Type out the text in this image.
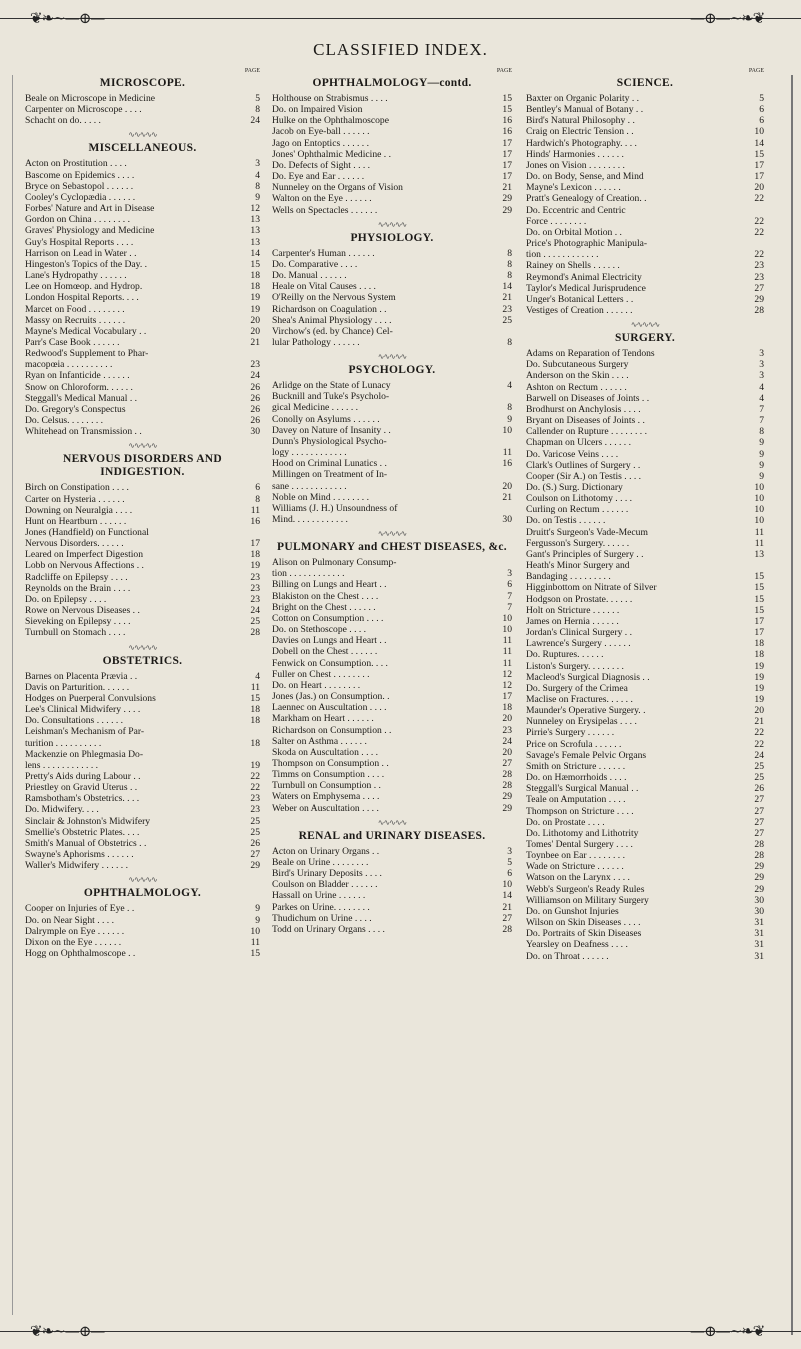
❦❧∼—⊕—	—⊕—∼❧❦
CLASSIFIED INDEX.
PAGE
MICROSCOPE.
Beale on Microscope in Medicine	5
Carpenter on Microscope . . . .	8
Schacht on do. . . . .	24
∿∿∿∿∿
MISCELLANEOUS.
Acton on Prostitution . . . .	3
Bascome on Epidemics . . . .	4
Bryce on Sebastopol . . . . . .	8
Cooley's Cyclopædia . . . . . .	9
Forbes' Nature and Art in Disease	12
Gordon on China . . . . . . . .	13
Graves' Physiology and Medicine	13
Guy's Hospital Reports . . . .	13
Harrison on Lead in Water . .	14
Hingeston's Topics of the Day. .	15
Lane's Hydropathy . . . . . .	18
Lee on Homœop. and Hydrop.	18
London Hospital Reports. . . .	19
Marcet on Food . . . . . . . .	19
Massy on Recruits . . . . . .	20
Mayne's Medical Vocabulary . .	20
Parr's Case Book . . . . . .	21
Redwood's Supplement to Phar-
macopœia . . . . . . . . . .	23
Ryan on Infanticide . . . . . .	24
Snow on Chloroform. . . . . .	26
Steggall's Medical Manual . .	26
Do. Gregory's Conspectus	26
Do. Celsus. . . . . . . .	26
Whitehead on Transmission . .	30
∿∿∿∿∿
NERVOUS DISORDERS AND INDIGESTION.
Birch on Constipation . . . .	6
Carter on Hysteria . . . . . .	8
Downing on Neuralgia . . . .	11
Hunt on Heartburn . . . . . .	16
Jones (Handfield) on Functional
Nervous Disorders. . . . . .	17
Leared on Imperfect Digestion	18
Lobb on Nervous Affections . .	19
Radcliffe on Epilepsy . . . .	23
Reynolds on the Brain . . . .	23
Do. on Epilepsy . . . .	23
Rowe on Nervous Diseases . .	24
Sieveking on Epilepsy . . . .	25
Turnbull on Stomach . . . .	28
∿∿∿∿∿
OBSTETRICS.
Barnes on Placenta Prævia . .	4
Davis on Parturition. . . . . .	11
Hodges on Puerperal Convulsions	15
Lee's Clinical Midwifery . . . .	18
Do. Consultations . . . . . .	18
Leishman's Mechanism of Par-
turition . . . . . . . . . .	18
Mackenzie on Phlegmasia Do-
lens . . . . . . . . . . . .	19
Pretty's Aids during Labour . .	22
Priestley on Gravid Uterus . .	22
Ramsbotham's Obstetrics. . . .	23
Do. Midwifery. . . .	23
Sinclair & Johnston's Midwifery	25
Smellie's Obstetric Plates. . . .	25
Smith's Manual of Obstetrics . .	26
Swayne's Aphorisms . . . . . .	27
Waller's Midwifery . . . . . .	29
∿∿∿∿∿
OPHTHALMOLOGY.
Cooper on Injuries of Eye . .	9
Do. on Near Sight . . . .	9
Dalrymple on Eye . . . . . .	10
Dixon on the Eye . . . . . .	11
Hogg on Ophthalmoscope . .	15
PAGE
OPHTHALMOLOGY—contd.
Holthouse on Strabismus . . . .	15
Do. on Impaired Vision	15
Hulke on the Ophthalmoscope	16
Jacob on Eye-ball . . . . . .	16
Jago on Entoptics . . . . . .	17
Jones' Ophthalmic Medicine . .	17
Do. Defects of Sight . . . .	17
Do. Eye and Ear . . . . . .	17
Nunneley on the Organs of Vision	21
Walton on the Eye . . . . . .	29
Wells on Spectacles . . . . . .	29
∿∿∿∿∿
PHYSIOLOGY.
Carpenter's Human . . . . . .	8
Do. Comparative . . . .	8
Do. Manual . . . . . .	8
Heale on Vital Causes . . . .	14
O'Reilly on the Nervous System	21
Richardson on Coagulation . .	23
Shea's Animal Physiology . . . .	25
Virchow's (ed. by Chance) Cel-
lular Pathology . . . . . .	8
∿∿∿∿∿
PSYCHOLOGY.
Arlidge on the State of Lunacy	4
Bucknill and Tuke's Psycholo-
gical Medicine . . . . . .	8
Conolly on Asylums . . . . . .	9
Davey on Nature of Insanity . .	10
Dunn's Physiological Psycho-
logy . . . . . . . . . . . .	11
Hood on Criminal Lunatics . .	16
Millingen on Treatment of In-
sane . . . . . . . . . . . .	20
Noble on Mind . . . . . . . .	21
Williams (J. H.) Unsoundness of
Mind. . . . . . . . . . . .	30
∿∿∿∿∿
PULMONARY and CHEST DISEASES, &c.
Alison on Pulmonary Consump-
tion . . . . . . . . . . . .	3
Billing on Lungs and Heart . .	6
Blakiston on the Chest . . . .	7
Bright on the Chest . . . . . .	7
Cotton on Consumption . . . .	10
Do. on Stethoscope . . . .	10
Davies on Lungs and Heart . .	11
Dobell on the Chest . . . . . .	11
Fenwick on Consumption. . . .	11
Fuller on Chest . . . . . . . .	12
Do. on Heart . . . . . . . .	12
Jones (Jas.) on Consumption. .	17
Laennec on Auscultation . . . .	18
Markham on Heart . . . . . .	20
Richardson on Consumption . .	23
Salter on Asthma . . . . . .	24
Skoda on Auscultation . . . .	20
Thompson on Consumption . .	27
Timms on Consumption . . . .	28
Turnbull on Consumption . .	28
Waters on Emphysema . . . .	29
Weber on Auscultation . . . .	29
∿∿∿∿∿
RENAL and URINARY DISEASES.
Acton on Urinary Organs . .	3
Beale on Urine . . . . . . . .	5
Bird's Urinary Deposits . . . .	6
Coulson on Bladder . . . . . .	10
Hassall on Urine . . . . . .	14
Parkes on Urine. . . . . . . .	21
Thudichum on Urine . . . .	27
Todd on Urinary Organs . . . .	28
PAGE
SCIENCE.
Baxter on Organic Polarity . .	5
Bentley's Manual of Botany . .	6
Bird's Natural Philosophy . .	6
Craig on Electric Tension . .	10
Hardwich's Photography. . . .	14
Hinds' Harmonies . . . . . .	15
Jones on Vision . . . . . . . .	17
Do. on Body, Sense, and Mind	17
Mayne's Lexicon . . . . . .	20
Pratt's Genealogy of Creation. .	22
Do. Eccentric and Centric
Force . . . . . . . .	22
Do. on Orbital Motion . .	22
Price's Photographic Manipula-
tion . . . . . . . . . . . .	22
Rainey on Shells . . . . . .	23
Reymond's Animal Electricity	23
Taylor's Medical Jurisprudence	27
Unger's Botanical Letters . .	29
Vestiges of Creation . . . . . .	28
∿∿∿∿∿
SURGERY.
Adams on Reparation of Tendons	3
Do. Subcutaneous Surgery	3
Anderson on the Skin . . . .	3
Ashton on Rectum . . . . . .	4
Barwell on Diseases of Joints . .	4
Brodhurst on Anchylosis . . . .	7
Bryant on Diseases of Joints . .	7
Callender on Rupture . . . . . . . .	8
Chapman on Ulcers . . . . . .	9
Do. Varicose Veins . . . .	9
Clark's Outlines of Surgery . .	9
Cooper (Sir A.) on Testis . . . .	9
Do. (S.) Surg. Dictionary	10
Coulson on Lithotomy . . . .	10
Curling on Rectum . . . . . .	10
Do. on Testis . . . . . .	10
Druitt's Surgeon's Vade-Mecum	11
Fergusson's Surgery. . . . . .	11
Gant's Principles of Surgery . .	13
Heath's Minor Surgery and
Bandaging . . . . . . . . .	15
Higginbottom on Nitrate of Silver	15
Hodgson on Prostate. . . . . .	15
Holt on Stricture . . . . . .	15
James on Hernia . . . . . .	17
Jordan's Clinical Surgery . .	17
Lawrence's Surgery . . . . . .	18
Do. Ruptures. . . . . .	18
Liston's Surgery. . . . . . . .	19
Macleod's Surgical Diagnosis . .	19
Do. Surgery of the Crimea	19
Maclise on Fractures. . . . . .	19
Maunder's Operative Surgery. .	20
Nunneley on Erysipelas . . . .	21
Pirrie's Surgery . . . . . .	22
Price on Scrofula . . . . . .	22
Savage's Female Pelvic Organs	24
Smith on Stricture . . . . . .	25
Do. on Hæmorrhoids . . . .	25
Steggall's Surgical Manual . .	26
Teale on Amputation . . . .	27
Thompson on Stricture . . . .	27
Do. on Prostate . . . .	27
Do. Lithotomy and Lithotrity	27
Tomes' Dental Surgery . . . .	28
Toynbee on Ear . . . . . . . .	28
Wade on Stricture . . . . . .	29
Watson on the Larynx . . . .	29
Webb's Surgeon's Ready Rules	29
Williamson on Military Surgery	30
Do. on Gunshot Injuries	30
Wilson on Skin Diseases . . . .	31
Do. Portraits of Skin Diseases	31
Yearsley on Deafness . . . .	31
Do. on Throat . . . . . .	31
❦❧∼—⊕—	—⊕—∼❧❦
